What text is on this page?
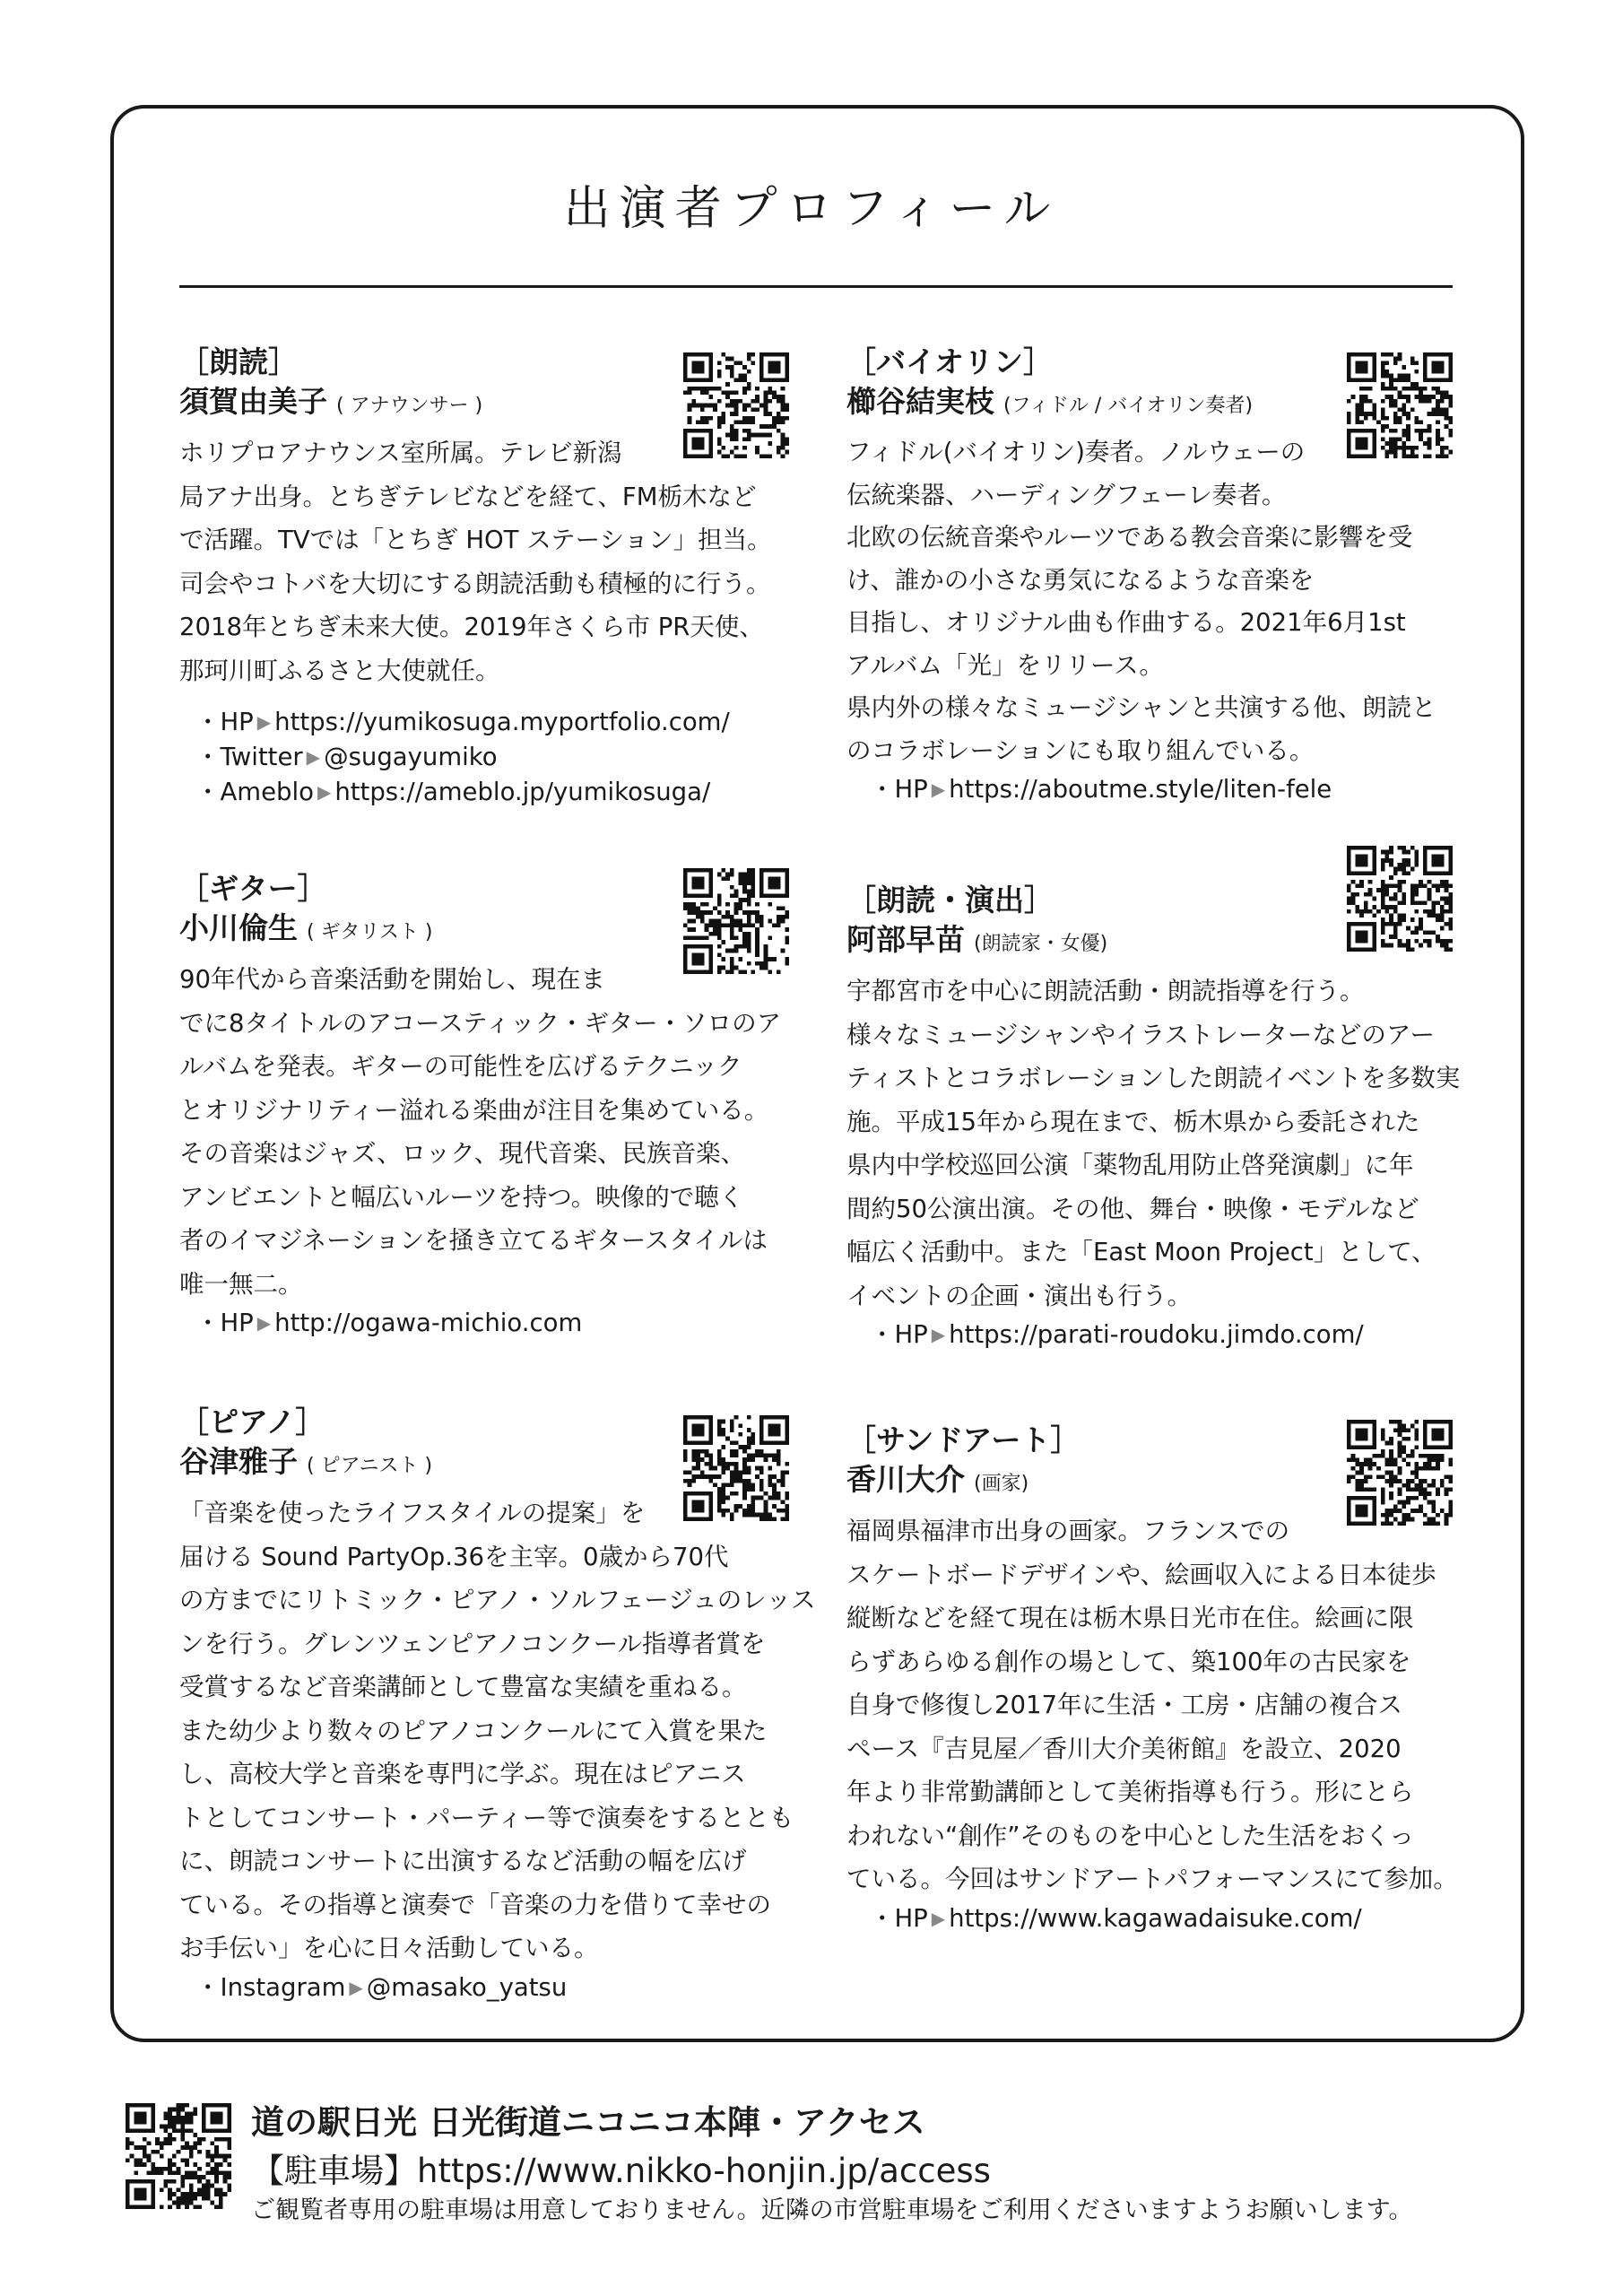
出演者プロフィール
［朗読］
須賀由美子 ( アナウンサー )
ホリプロアナウンス室所属。テレビ新潟
局アナ出身。とちぎテレビなどを経て、FM栃木など
で活躍。TVでは「とちぎ HOT ステーション」担当。
司会やコトバを大切にする朗読活動も積極的に行う。
2018年とちぎ未来大使。2019年さくら市 PR天使、
那珂川町ふるさと大使就任。
・HP ▶ https://yumikosuga.myportfolio.com/
・Twitter ▶ @sugayumiko
・Ameblo ▶ https://ameblo.jp/yumikosuga/
［バイオリン］
櫛谷結実枝 (フィドル / バイオリン奏者)
フィドル(バイオリン)奏者。ノルウェーの
伝統楽器、ハーディングフェーレ奏者。
北欧の伝統音楽やルーツである教会音楽に影響を受
け、誰かの小さな勇気になるような音楽を
目指し、オリジナル曲も作曲する。2021年6月1st
アルバム「光」をリリース。
県内外の様々なミュージシャンと共演する他、朗読と
のコラボレーションにも取り組んでいる。
・HP ▶ https://aboutme.style/liten-fele
［ギター］
小川倫生 ( ギタリスト )
90年代から音楽活動を開始し、現在ま
でに8タイトルのアコースティック・ギター・ソロのア
ルバムを発表。ギターの可能性を広げるテクニック
とオリジナリティー溢れる楽曲が注目を集めている。
その音楽はジャズ、ロック、現代音楽、民族音楽、
アンビエントと幅広いルーツを持つ。映像的で聴く
者のイマジネーションを掻き立てるギタースタイルは
唯一無二。
・HP ▶ http://ogawa-michio.com
［朗読・演出］
阿部早苗 (朗読家・女優)
宇都宮市を中心に朗読活動・朗読指導を行う。
様々なミュージシャンやイラストレーターなどのアー
ティストとコラボレーションした朗読イベントを多数実
施。平成15年から現在まで、栃木県から委託された
県内中学校巡回公演「薬物乱用防止啓発演劇」に年
間約50公演出演。その他、舞台・映像・モデルなど
幅広く活動中。また「East Moon Project」として、
イベントの企画・演出も行う。
・HP ▶ https://parati-roudoku.jimdo.com/
［ピアノ］
谷津雅子 ( ピアニスト )
「音楽を使ったライフスタイルの提案」を
届ける Sound PartyOp.36を主宰。0歳から70代
の方までにリトミック・ピアノ・ソルフェージュのレッス
ンを行う。グレンツェンピアノコンクール指導者賞を
受賞するなど音楽講師として豊富な実績を重ねる。
また幼少より数々のピアノコンクールにて入賞を果た
し、高校大学と音楽を専門に学ぶ。現在はピアニス
トとしてコンサート・パーティー等で演奏をするととも
に、朗読コンサートに出演するなど活動の幅を広げ
ている。その指導と演奏で「音楽の力を借りて幸せの
お手伝い」を心に日々活動している。
・Instagram ▶ @masako_yatsu
［サンドアート］
香川大介 (画家)
福岡県福津市出身の画家。フランスでの
スケートボードデザインや、絵画収入による日本徒歩
縦断などを経て現在は栃木県日光市在住。絵画に限
らずあらゆる創作の場として、築100年の古民家を
自身で修復し2017年に生活・工房・店舗の複合ス
ペース『吉見屋／香川大介美術館』を設立、2020
年より非常勤講師として美術指導も行う。形にとら
われない“創作”そのものを中心とした生活をおくっ
ている。今回はサンドアートパフォーマンスにて参加。
・HP ▶ https://www.kagawadaisuke.com/
道の駅日光 日光街道ニコニコ本陣・アクセス
【駐車場】https://www.nikko-honjin.jp/access
ご観覧者専用の駐車場は用意しておりません。近隣の市営駐車場をご利用くださいますようお願いします。
